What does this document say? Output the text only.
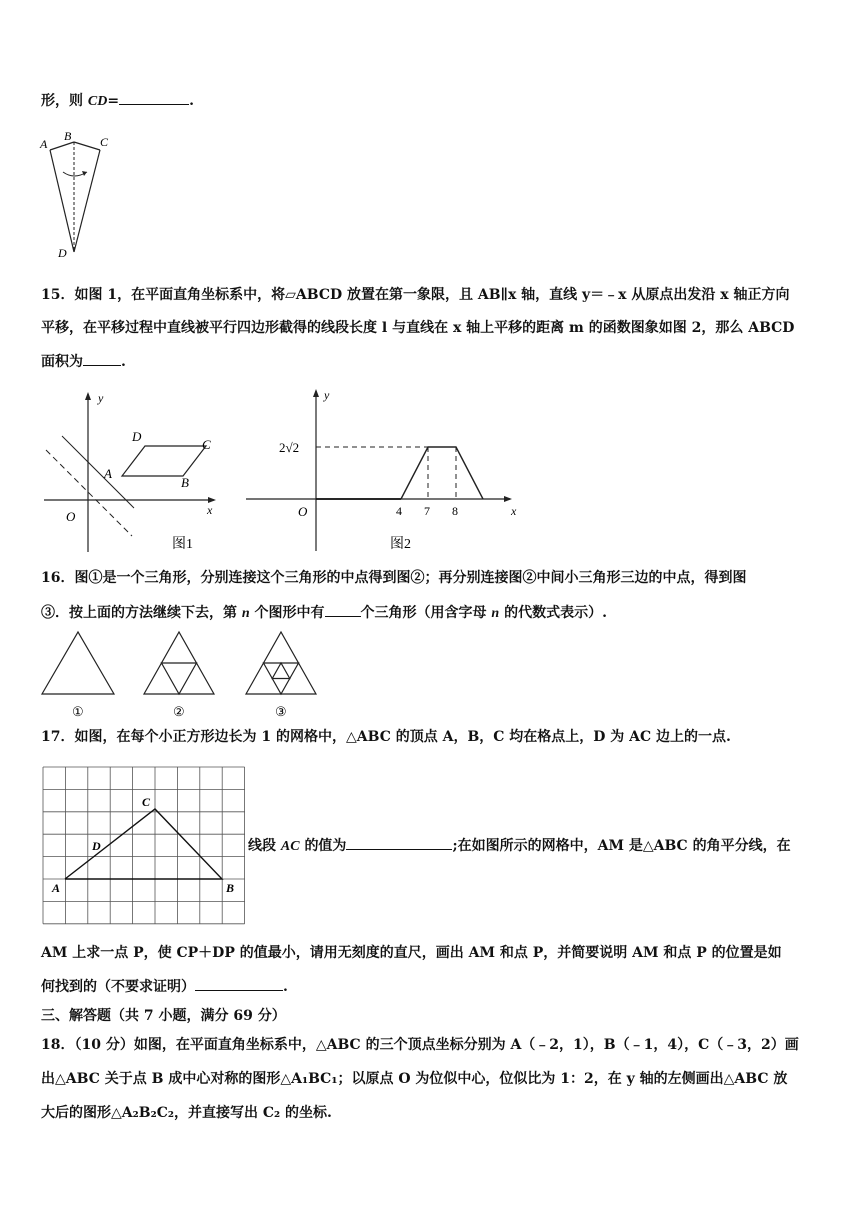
形，则 CD=	.
A
B C
D
15．如图 1，在平面直角坐标系中，将▱ABCD 放置在第一象限，且 AB∥x 轴，直线 y＝﹣x 从原点出发沿 x 轴正方向
平移，在平移过程中直线被平行四边形截得的线段长度 l 与直线在 x 轴上平移的距离 m 的函数图象如图 2，那么 ABCD
面积为	.
y
x
O
A
B
C
D
图1
y
x
O
2√2
4 7 8
图2
16．图①是一个三角形，分别连接这个三角形的中点得到图②；再分别连接图②中间小三角形三边的中点，得到图
③．按上面的方法继续下去，第 n 个图形中有	个三角形（用含字母 n 的代数式表示）.
①	②	③
17．如图，在每个小正方形边长为 1 的网格中，△ABC 的顶点 A，B，C 均在格点上，D 为 AC 边上的一点.
A	B
C
D	线段 AC 的值为	;在如图所示的网格中，AM 是△ABC 的角平分线，在
AM 上求一点 P，使 CP＋DP 的值最小，请用无刻度的直尺，画出 AM 和点 P，并简要说明 AM 和点 P 的位置是如
何找到的（不要求证明）	.
三、解答题（共 7 小题，满分 69 分）
18．（10 分）如图，在平面直角坐标系中，△ABC 的三个顶点坐标分别为 A（﹣2，1），B（﹣1，4），C（﹣3，2）画
出△ABC 关于点 B 成中心对称的图形△A₁BC₁；以原点 O 为位似中心，位似比为 1：2，在 y 轴的左侧画出△ABC 放
大后的图形△A₂B₂C₂，并直接写出 C₂ 的坐标.
